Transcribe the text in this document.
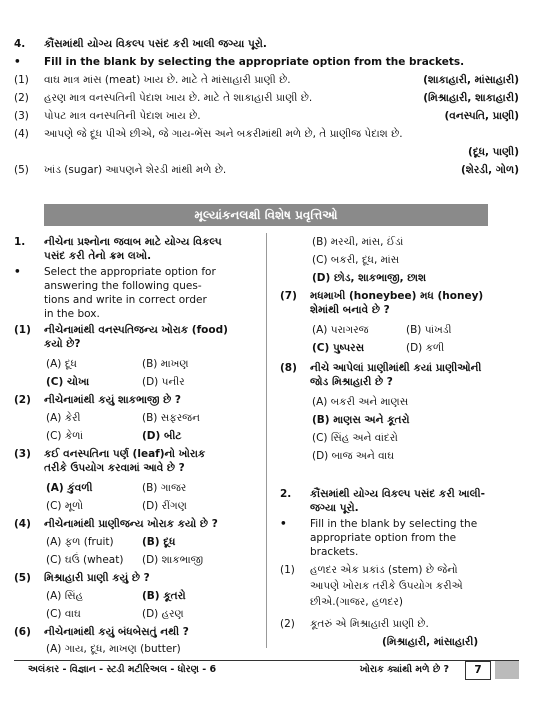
4.	કૌંસમાંથી યોગ્ય વિકલ્પ પસંદ કરી ખાલી જગ્યા પૂરો.
•	Fill in the blank by selecting the appropriate option from the brackets.
(1)	વાઘ માત્ર માંસ (meat) ખાય છે. માટે તે માંસાહારી પ્રાણી છે.	(શાકાહારી, માંસાહારી)
(2)	હરણ માત્ર વનસ્પતિની પેદાશ ખાય છે. માટે તે શાકાહારી પ્રાણી છે.	(મિશ્રાહારી, શાકાહારી)
(3)	પોપટ માત્ર વનસ્પતિની પેદાશ ખાય છે.	(વનસ્પતિ, પ્રાણી)
(4)	આપણે જે દૂધ પીએ છીએ, જે ગાય-ભેંસ અને બકરીમાંથી મળે છે, તે પ્રાણીજ પેદાશ છે.
(દૂધ, પાણી)
(5)	ખાંડ (sugar) આપણને શેરડી માંથી મળે છે.	(શેરડી, ગોળ)
મૂલ્યાંકનલક્ષી વિશેષ પ્રવૃત્તિઓ
1. નીચેના પ્રશ્નોના જવાબ માટે યોગ્ય વિકલ્પ
પસંદ કરી તેનો ક્રમ લખો.
• Select the appropriate option for
answering the following ques-
tions and write in correct order
in the box.
(1) નીચેનામાંથી વનસ્પતિજન્ય ખોરાક (food)
કયો છે?
(A) દૂધ	(B) માખણ
(C) ચોખા	(D) પનીર
(2) નીચેનામાંથી કયું શાકભાજી છે ?
(A) કેરી	(B) સફરજન
(C) કેળાં	(D) બીટ
(3) કઈ વનસ્પતિના પર્ણ (leaf)નો ખોરાક
તરીકે ઉપયોગ કરવામાં આવે છે ?
(A) કુંવળી	(B) ગાજર
(C) મૂળો	(D) રીંગણ
(4) નીચેનામાંથી પ્રાણીજન્ય ખોરાક કયો છે ?
(A) ફળ (fruit)	(B) દૂધ
(C) ઘઉં (wheat) (D) શાકભાજી
(5) મિશ્રાહારી પ્રાણી કયું છે ?
(A) સિંહ	(B) કૂતરો
(C) વાઘ	(D) હરણ
(6) નીચેનામાંથી કયું બંધબેસતું નથી ?
(A) ગાય, દૂધ, માખણ (butter)
(B) મરચી, માંસ, ઈંડાં
(C) બકરી, દૂધ, માંસ
(D) છોડ, શાકભાજી, છાશ
(7) મધમાખી (honeybee) મધ (honey)
શેમાંથી બનાવે છે ?
(A) પરાગરજ	(B) પાંખડી
(C) પુષ્પરસ	(D) કળી
(8) નીચે આપેલાં પ્રાણીમાંથી કયાં પ્રાણીઓની
જોડ મિશ્રાહારી છે ?
(A) બકરી અને માણસ
(B) માણસ અને કૂતરો
(C) સિંહ અને વાંદરો
(D) બાજ અને વાઘ
2. કૌંસમાંથી યોગ્ય વિકલ્પ પસંદ કરી ખાલી-
જગ્યા પૂરો.
• Fill in the blank by selecting the
appropriate option from the
brackets.
(1) હળદર એક પ્રકાંડ (stem) છે જેનો
આપણે ખોરાક તરીકે ઉપયોગ કરીએ
છીએ.(ગાજર, હળદર)
(2) કૂતરું એ મિશ્રાહારી પ્રાણી છે.
(મિશ્રાહારી, માંસાહારી)
અલંકાર - વિજ્ઞાન - સ્ટડી મટીરિઅલ - ધોરણ - 6	ખોરાક ક્યાંથી મળે છે ?	7
